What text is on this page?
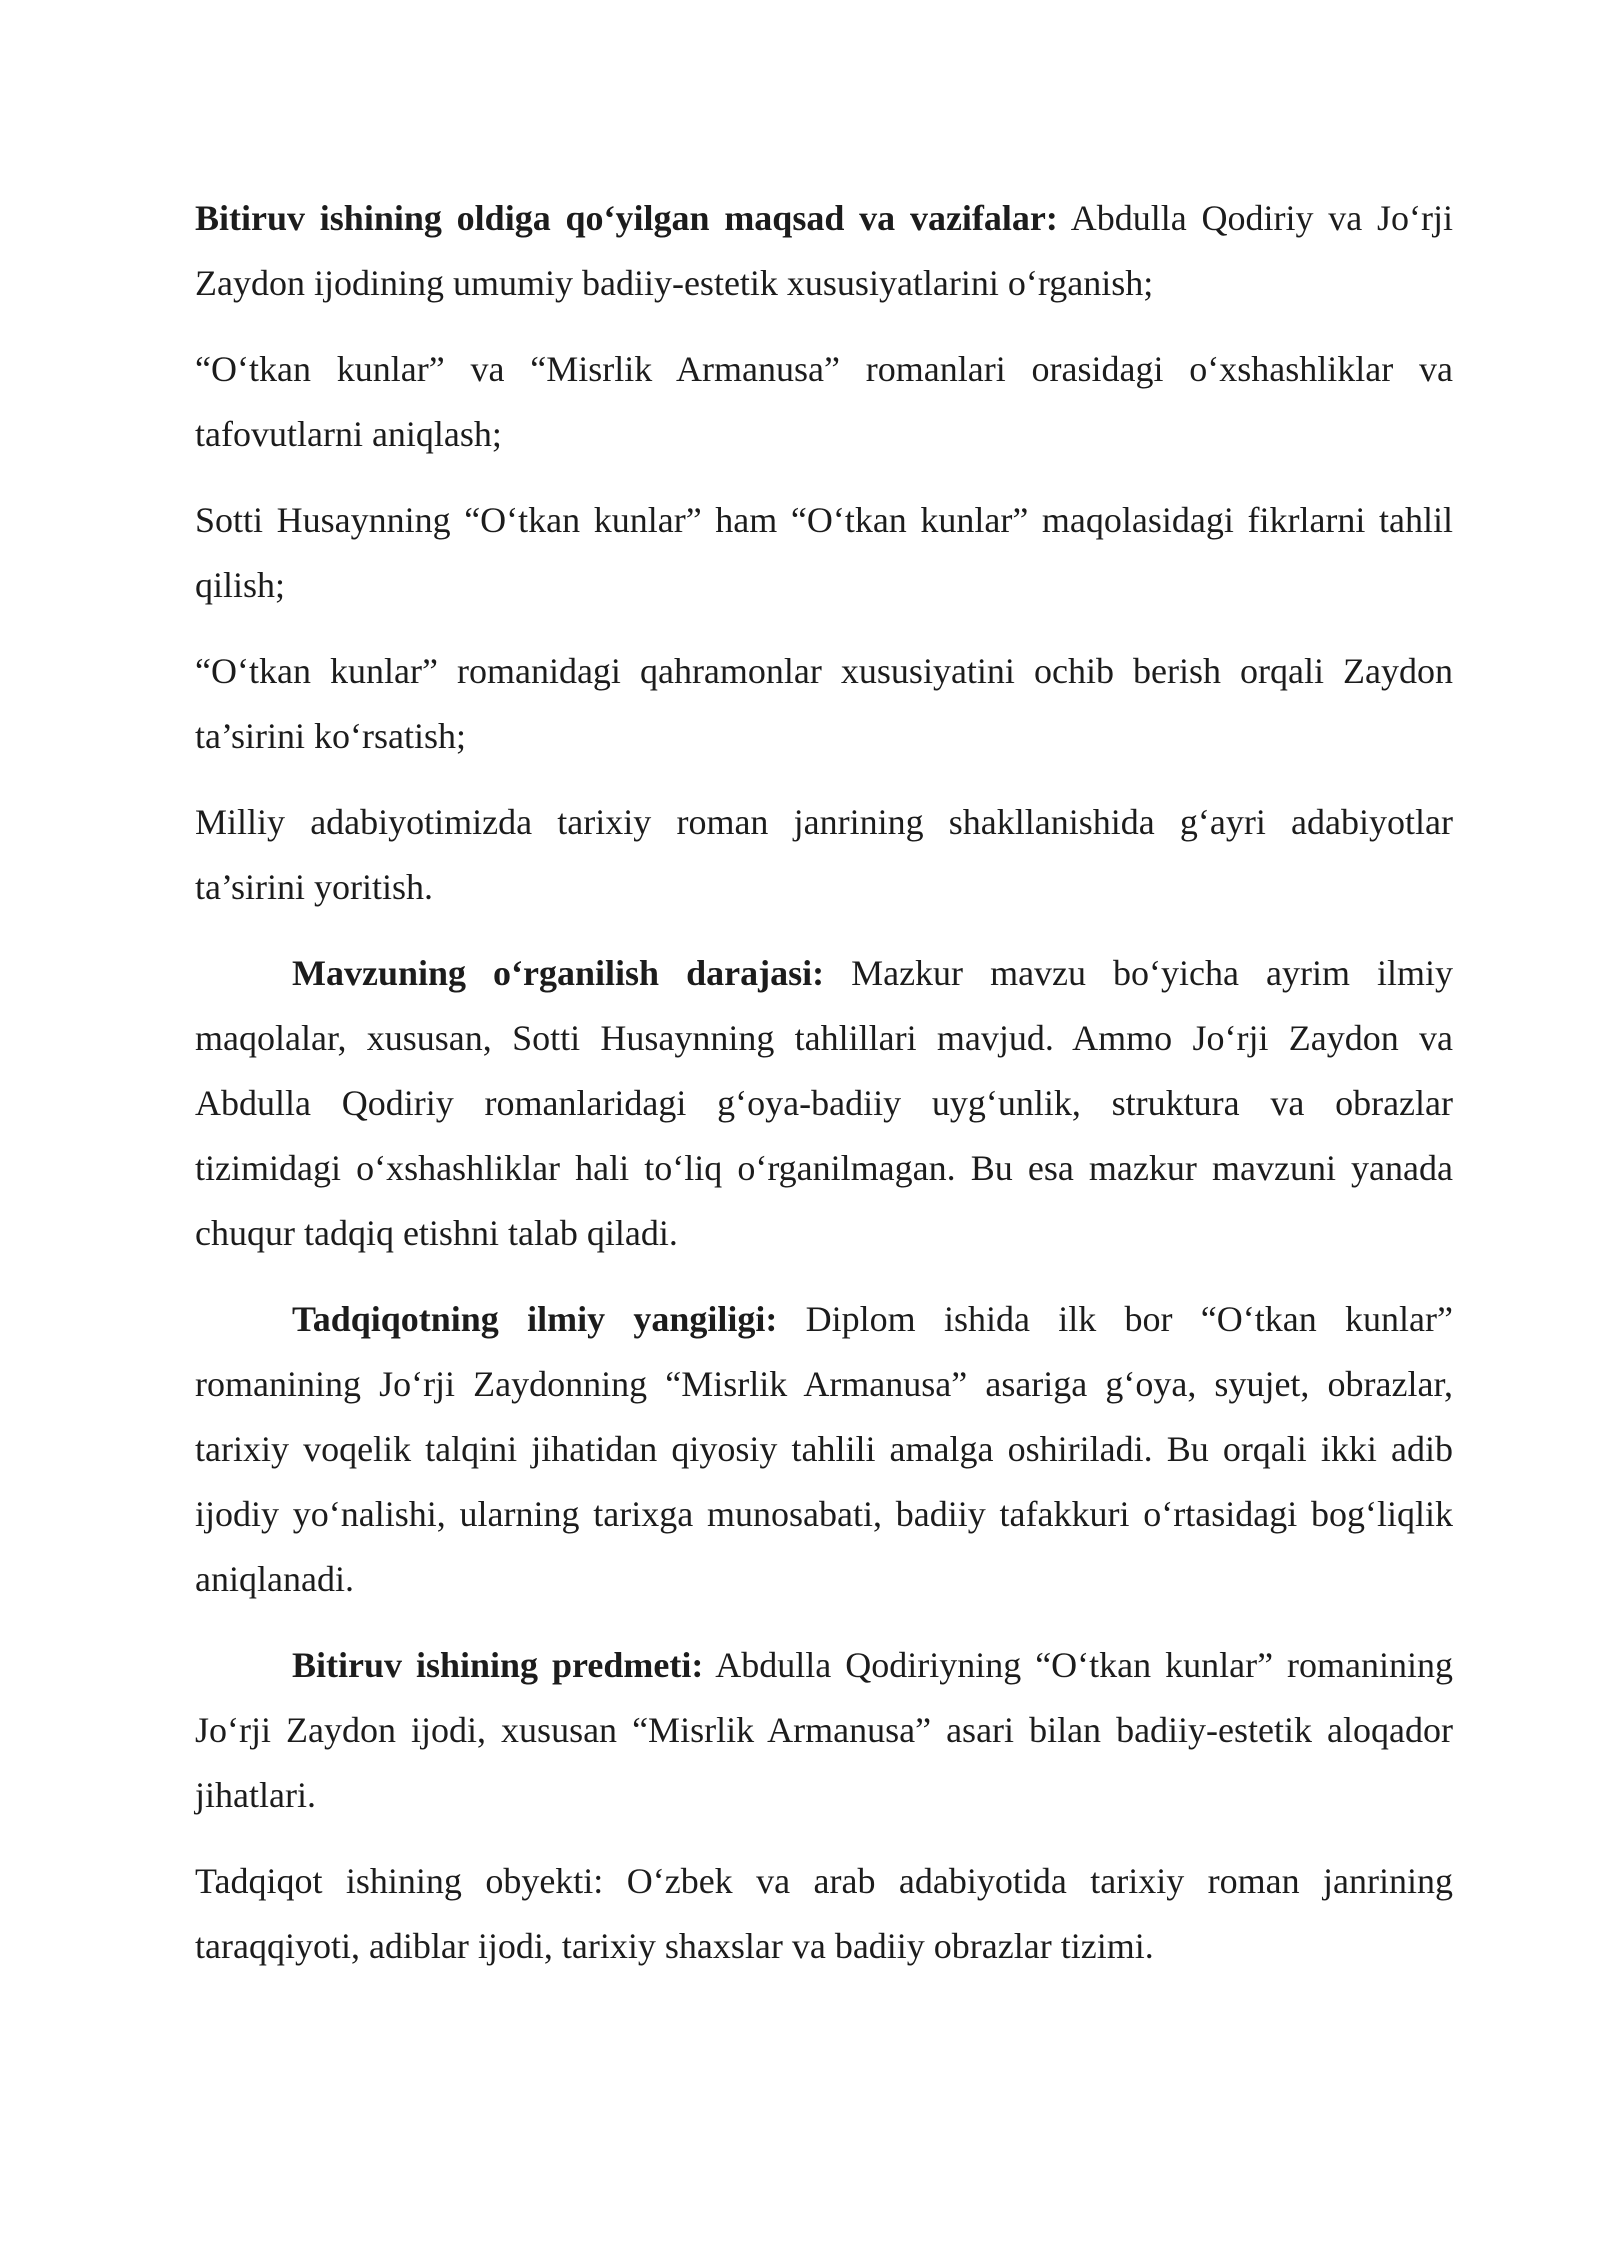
Bitiruv ishining oldiga qo‘yilgan maqsad va vazifalar: Abdulla Qodiriy va Jo‘rji Zaydon ijodining umumiy badiiy-estetik xususiyatlarini o‘rganish;

“O‘tkan kunlar” va “Misrlik Armanusa” romanlari orasidagi o‘xshashliklar va tafovutlarni aniqlash;

Sotti Husaynning “O‘tkan kunlar” ham “O‘tkan kunlar” maqolasidagi fikrlarni tahlil qilish;

“O‘tkan kunlar” romanidagi qahramonlar xususiyatini ochib berish orqali Zaydon ta’sirini ko‘rsatish;

Milliy adabiyotimizda tarixiy roman janrining shakllanishida g‘ayri adabiyotlar ta’sirini yoritish.

Mavzuning o‘rganilish darajasi: Mazkur mavzu bo‘yicha ayrim ilmiy maqolalar, xususan, Sotti Husaynning tahlillari mavjud. Ammo Jo‘rji Zaydon va Abdulla Qodiriy romanlaridagi g‘oya-badiiy uyg‘unlik, struktura va obrazlar tizimidagi o‘xshashliklar hali to‘liq o‘rganilmagan. Bu esa mazkur mavzuni yanada chuqur tadqiq etishni talab qiladi.

Tadqiqotning ilmiy yangiligi: Diplom ishida ilk bor “O‘tkan kunlar” romanining Jo‘rji Zaydonning “Misrlik Armanusa” asariga g‘oya, syujet, obrazlar, tarixiy voqelik talqini jihatidan qiyosiy tahlili amalga oshiriladi. Bu orqali ikki adib ijodiy yo‘nalishi, ularning tarixga munosabati, badiiy tafakkuri o‘rtasidagi bog‘liqlik aniqlanadi.

Bitiruv ishining predmeti: Abdulla Qodiriyning “O‘tkan kunlar” romanining Jo‘rji Zaydon ijodi, xususan “Misrlik Armanusa” asari bilan badiiy-estetik aloqador jihatlari.

Tadqiqot ishining obyekti: O‘zbek va arab adabiyotida tarixiy roman janrining taraqqiyoti, adiblar ijodi, tarixiy shaxslar va badiiy obrazlar tizimi.
